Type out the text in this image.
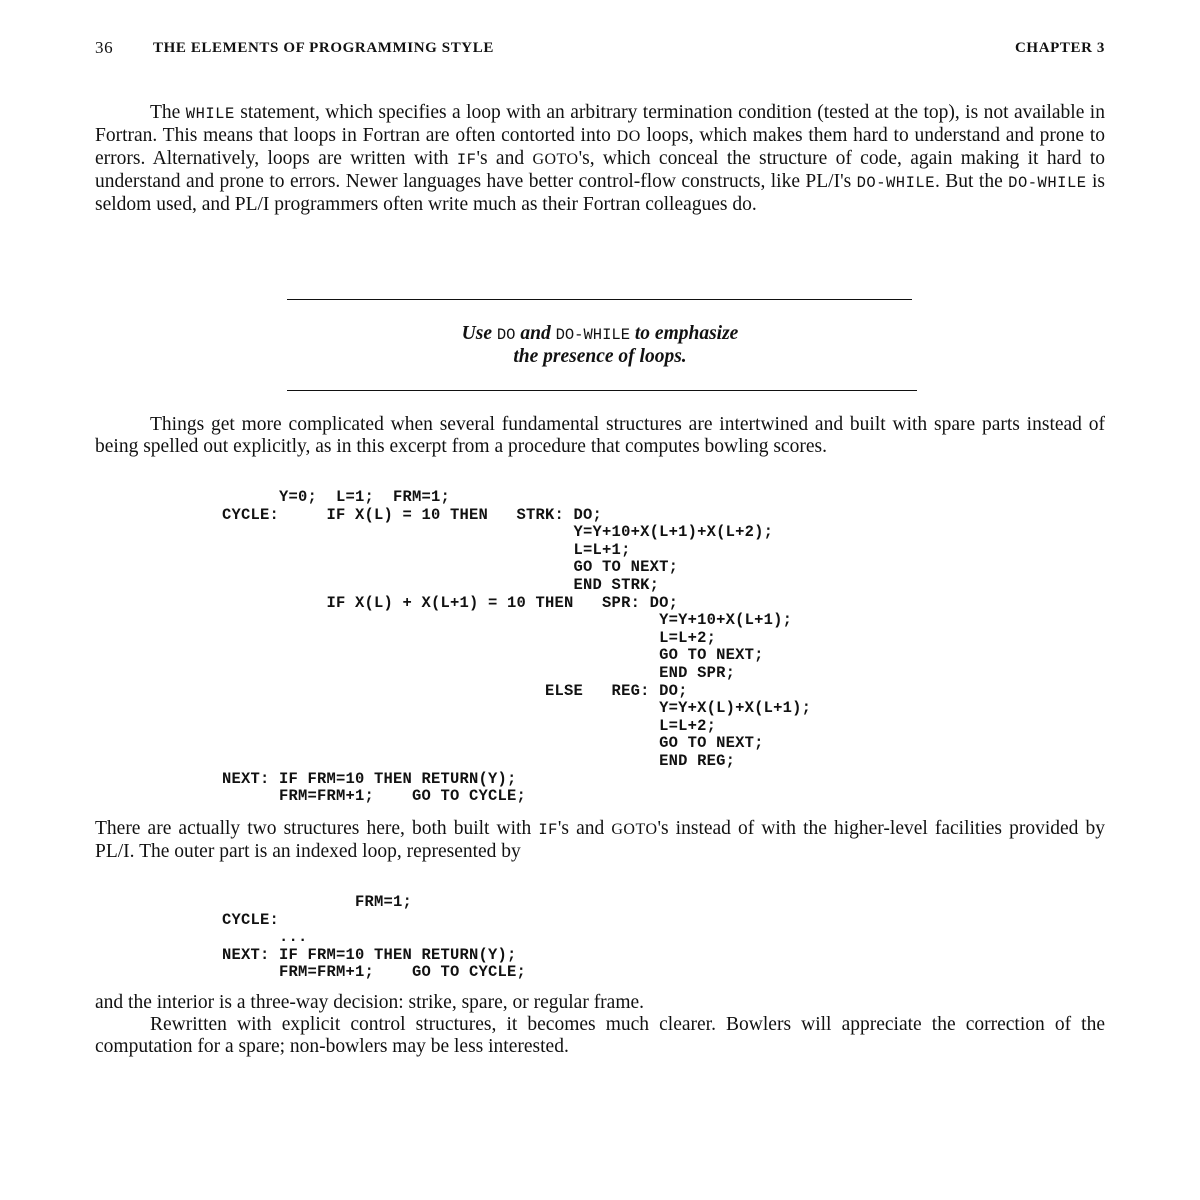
36	THE ELEMENTS OF PROGRAMMING STYLE	CHAPTER 3

The WHILE statement, which specifies a loop with an arbitrary termination condition (tested at the top), is not available in Fortran. This means that loops in Fortran are often contorted into DO loops, which makes them hard to understand and prone to errors. Alternatively, loops are written with IF's and GOTO's, which conceal the structure of code, again making it hard to understand and prone to errors. Newer languages have better control-flow constructs, like PL/I's DO-WHILE. But the DO-WHILE is seldom used, and PL/I programmers often write much as their Fortran colleagues do.

Use DO and DO-WHILE to emphasize
the presence of loops.

Things get more complicated when several fundamental structures are intertwined and built with spare parts instead of being spelled out explicitly, as in this excerpt from a procedure that computes bowling scores.

Y=0;  L=1;  FRM=1;
CYCLE:     IF X(L) = 10 THEN   STRK: DO;
Y=Y+10+X(L+1)+X(L+2);
L=L+1;
GO TO NEXT;
END STRK;
IF X(L) + X(L+1) = 10 THEN   SPR: DO;
Y=Y+10+X(L+1);
L=L+2;
GO TO NEXT;
END SPR;
ELSE   REG: DO;
Y=Y+X(L)+X(L+1);
L=L+2;
GO TO NEXT;
END REG;
NEXT: IF FRM=10 THEN RETURN(Y);
FRM=FRM+1;    GO TO CYCLE;

There are actually two structures here, both built with IF's and GOTO's instead of with the higher-level facilities provided by PL/I. The outer part is an indexed loop, represented by

FRM=1;
CYCLE:
...
NEXT: IF FRM=10 THEN RETURN(Y);
FRM=FRM+1;    GO TO CYCLE;

and the interior is a three-way decision: strike, spare, or regular frame.

Rewritten with explicit control structures, it becomes much clearer. Bowlers will appreciate the correction of the computation for a spare; non-bowlers may be less interested.
